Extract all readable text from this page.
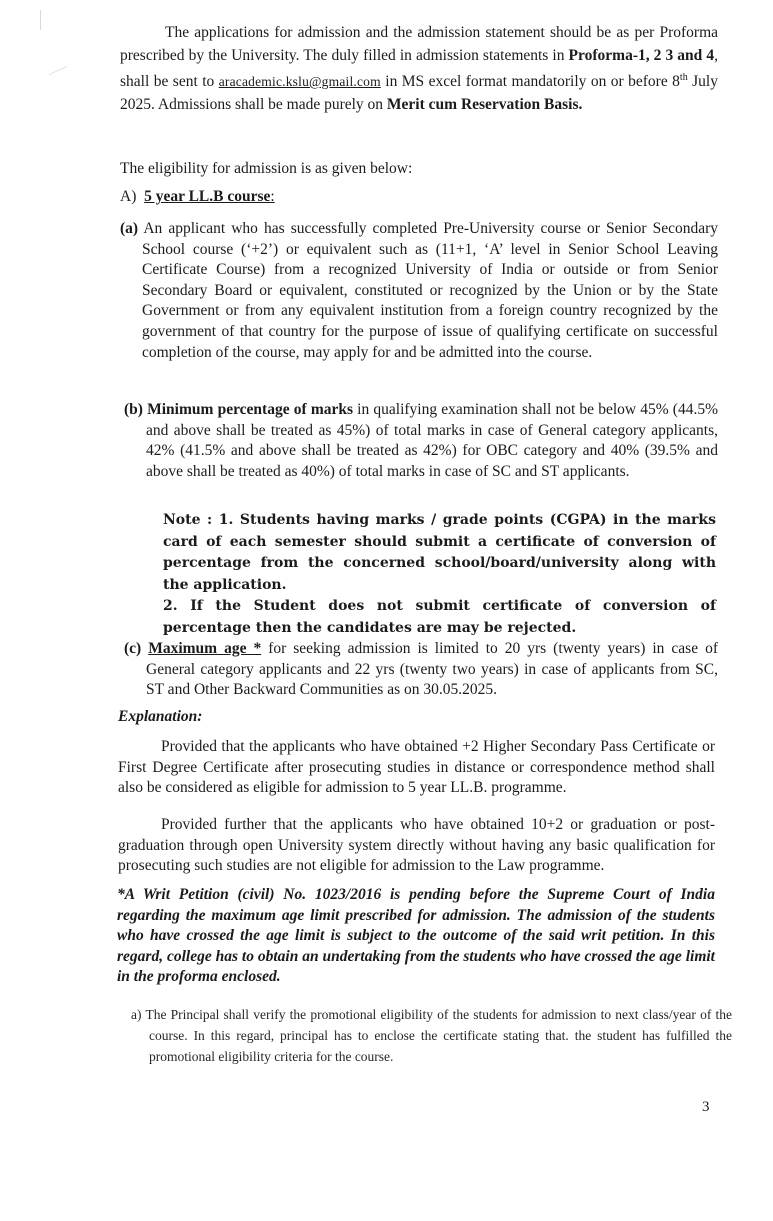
The applications for admission and the admission statement should be as per Proforma prescribed by the University. The duly filled in admission statements in Proforma-1, 2 3 and 4, shall be sent to aracademic.kslu@gmail.com in MS excel format mandatorily on or before 8th July 2025. Admissions shall be made purely on Merit cum Reservation Basis.

The eligibility for admission is as given below:

A) 5 year LL.B course:

(a) An applicant who has successfully completed Pre-University course or Senior Secondary School course (‘+2’) or equivalent such as (11+1, ‘A’ level in Senior School Leaving Certificate Course) from a recognized University of India or outside or from Senior Secondary Board or equivalent, constituted or recognized by the Union or by the State Government or from any equivalent institution from a foreign country recognized by the government of that country for the purpose of issue of qualifying certificate on successful completion of the course, may apply for and be admitted into the course.

(b) Minimum percentage of marks in qualifying examination shall not be below 45% (44.5% and above shall be treated as 45%) of total marks in case of General category applicants, 42% (41.5% and above shall be treated as 42%) for OBC category and 40% (39.5% and above shall be treated as 40%) of total marks in case of SC and ST applicants.

Note : 1. Students having marks / grade points (CGPA) in the marks card of each semester should submit a certificate of conversion of percentage from the concerned school/board/university along with the application.

2. If the Student does not submit certificate of conversion of percentage then the candidates are may be rejected.

(c) Maximum age * for seeking admission is limited to 20 yrs (twenty years) in case of General category applicants and 22 yrs (twenty two years) in case of applicants from SC, ST and Other Backward Communities as on 30.05.2025.

Explanation:

Provided that the applicants who have obtained +2 Higher Secondary Pass Certificate or First Degree Certificate after prosecuting studies in distance or correspondence method shall also be considered as eligible for admission to 5 year LL.B. programme.

Provided further that the applicants who have obtained 10+2 or graduation or post-graduation through open University system directly without having any basic qualification for prosecuting such studies are not eligible for admission to the Law programme.

*A Writ Petition (civil) No. 1023/2016 is pending before the Supreme Court of India regarding the maximum age limit prescribed for admission. The admission of the students who have crossed the age limit is subject to the outcome of the said writ petition. In this regard, college has to obtain an undertaking from the students who have crossed the age limit in the proforma enclosed.

a) The Principal shall verify the promotional eligibility of the students for admission to next class/year of the course. In this regard, principal has to enclose the certificate stating that. the student has fulfilled the promotional eligibility criteria for the course.

3
